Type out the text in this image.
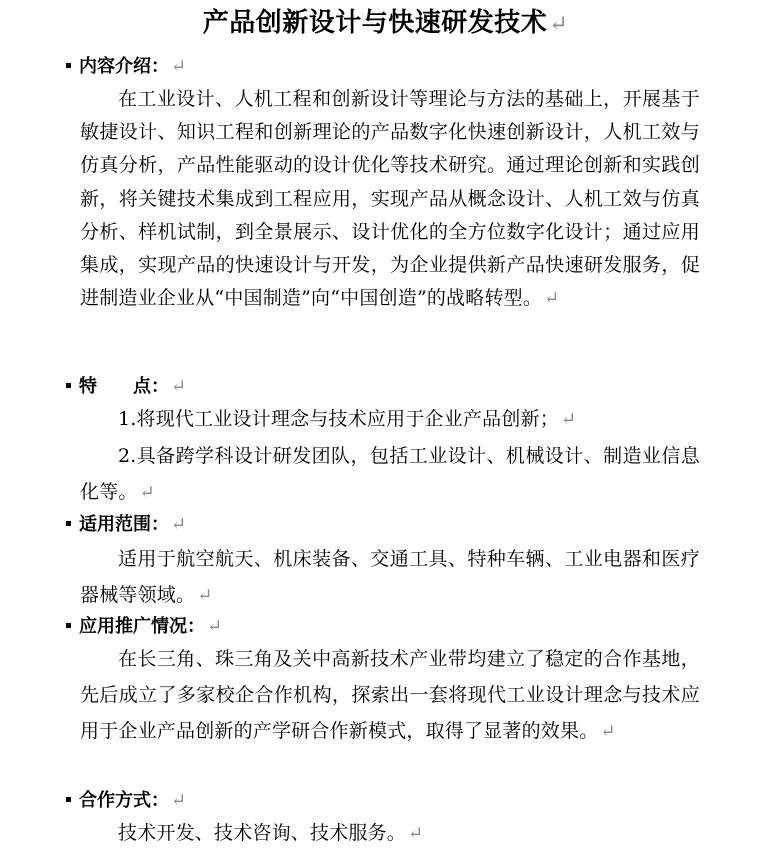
产品创新设计与快速研发技术↵
内容介绍： ↵
在工业设计、人机工程和创新设计等理论与方法的基础上，开展基于敏捷设计、知识工程和创新理论的产品数字化快速创新设计，人机工效与仿真分析，产品性能驱动的设计优化等技术研究。通过理论创新和实践创新，将关键技术集成到工程应用，实现产品从概念设计、人机工效与仿真分析、样机试制，到全景展示、设计优化的全方位数字化设计；通过应用集成，实现产品的快速设计与开发，为企业提供新产品快速研发服务，促进制造业企业从“中国制造”向“中国创造”的战略转型。 ↵
特　　点： ↵
1.将现代工业设计理念与技术应用于企业产品创新； ↵
2.具备跨学科设计研发团队，包括工业设计、机械设计、制造业信息化等。 ↵
适用范围： ↵
适用于航空航天、机床装备、交通工具、特种车辆、工业电器和医疗器械等领域。 ↵
应用推广情况： ↵
在长三角、珠三角及关中高新技术产业带均建立了稳定的合作基地，先后成立了多家校企合作机构，探索出一套将现代工业设计理念与技术应用于企业产品创新的产学研合作新模式，取得了显著的效果。 ↵
合作方式： ↵
技术开发、技术咨询、技术服务。 ↵
